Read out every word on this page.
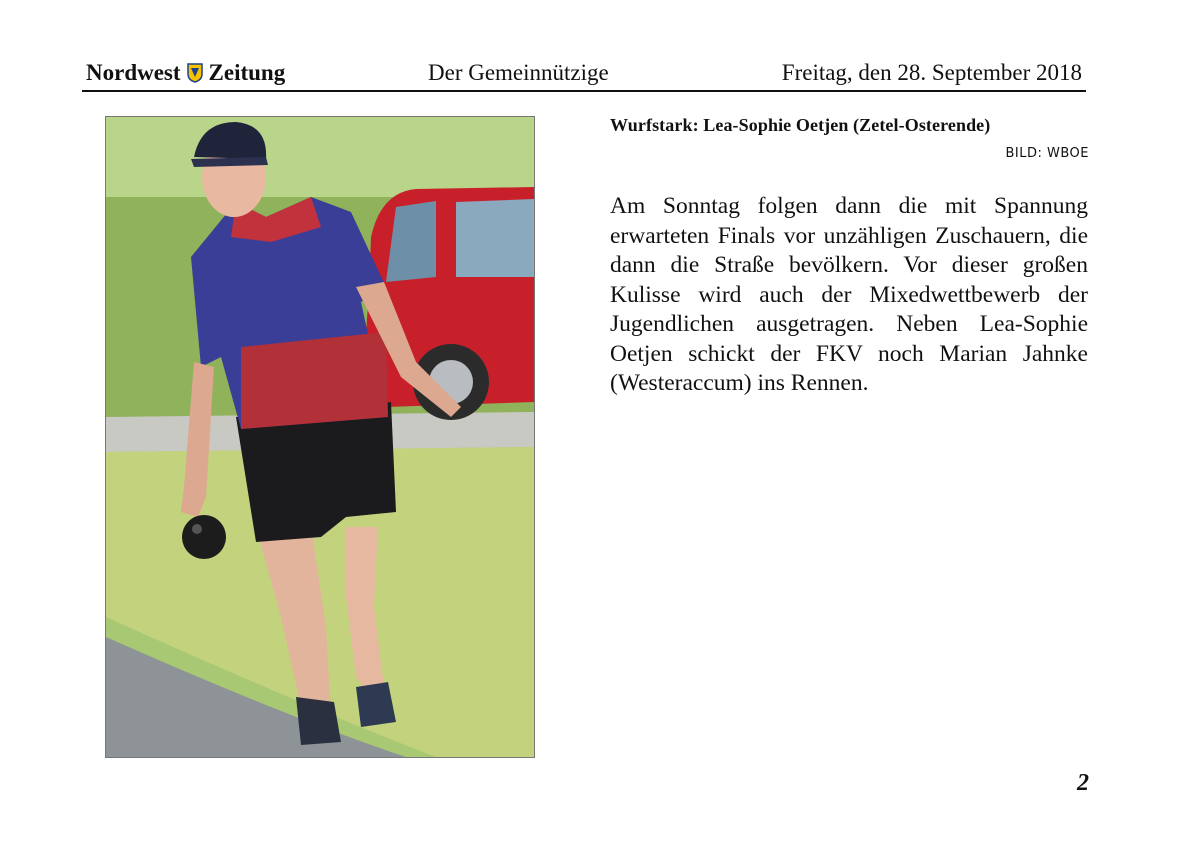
Nordwest Zeitung	Der Gemeinnützige	Freitag, den 28. September 2018
Wurfstark: Lea-Sophie Oetjen (Zetel-Osterende)
BILD: WBOE
Am Sonntag folgen dann die mit Spannung erwarteten Finals vor unzähligen Zuschauern, die dann die Straße bevölkern. Vor dieser großen Kulisse wird auch der Mixedwettbewerb der Jugendlichen ausgetragen. Neben Lea-Sophie Oetjen schickt der FKV noch Marian Jahnke (Westeraccum) ins Rennen.
2
